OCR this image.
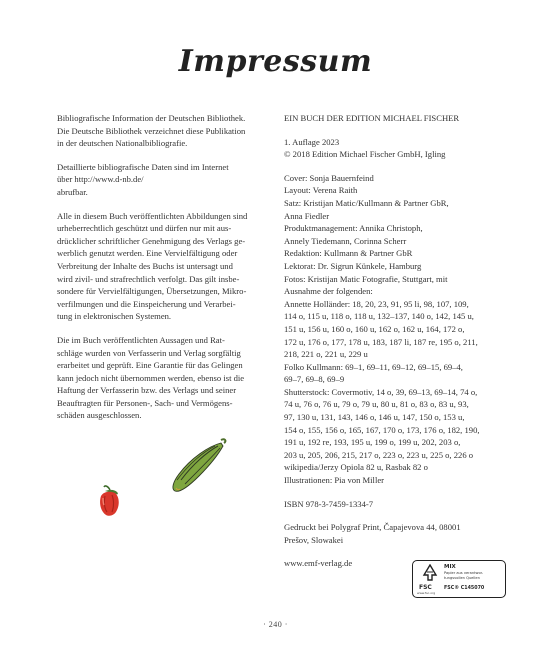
Impressum

Bibliografische Information der Deutschen Bibliothek.
Die Deutsche Bibliothek verzeichnet diese Publikation
in der deutschen Nationalbibliografie.

Detaillierte bibliografische Daten sind im Internet
über http://www.d-nb.de/
abrufbar.

Alle in diesem Buch veröffentlichten Abbildungen sind
urheberrechtlich geschützt und dürfen nur mit aus-
drücklicher schriftlicher Genehmigung des Verlags ge-
werblich genutzt werden. Eine Vervielfältigung oder
Verbreitung der Inhalte des Buchs ist untersagt und
wird zivil- und strafrechtlich verfolgt. Das gilt insbe-
sondere für Vervielfältigungen, Übersetzungen, Mikro-
verfilmungen und die Einspeicherung und Verarbei-
tung in elektronischen Systemen.

Die im Buch veröffentlichten Aussagen und Rat-
schläge wurden von Verfasserin und Verlag sorgfältig
erarbeitet und geprüft. Eine Garantie für das Gelingen
kann jedoch nicht übernommen werden, ebenso ist die
Haftung der Verfasserin bzw. des Verlags und seiner
Beauftragten für Personen-, Sach- und Vermögens-
schäden ausgeschlossen.

EIN BUCH DER EDITION MICHAEL FISCHER

1. Auflage 2023
© 2018 Edition Michael Fischer GmbH, Igling

Cover: Sonja Bauernfeind
Layout: Verena Raith
Satz: Kristijan Matic/Kullmann & Partner GbR,
Anna Fiedler
Produktmanagement: Annika Christoph,
Annely Tiedemann, Corinna Scherr
Redaktion: Kullmann & Partner GbR
Lektorat: Dr. Sigrun Künkele, Hamburg
Fotos: Kristijan Matic Fotografie, Stuttgart, mit
Ausnahme der folgenden:
Annette Holländer: 18, 20, 23, 91, 95 li, 98, 107, 109,
114 o, 115 u, 118 o, 118 u, 132–137, 140 o, 142, 145 u,
151 u, 156 u, 160 o, 160 u, 162 o, 162 u, 164, 172 o,
172 u, 176 o, 177, 178 u, 183, 187 li, 187 re, 195 o, 211,
218, 221 o, 221 u, 229 u
Folko Kullmann: 69–1, 69–11, 69–12, 69–15, 69–4,
69–7, 69–8, 69–9
Shutterstock: Covermotiv, 14 o, 39, 69–13, 69–14, 74 o,
74 u, 76 o, 76 u, 79 o, 79 u, 80 u, 81 o, 83 o, 83 u, 93,
97, 130 u, 131, 143, 146 o, 146 u, 147, 150 o, 153 u,
154 o, 155, 156 o, 165, 167, 170 o, 173, 176 o, 182, 190,
191 u, 192 re, 193, 195 u, 199 o, 199 u, 202, 203 o,
203 u, 205, 206, 215, 217 o, 223 o, 223 u, 225 o, 226 o
wikipedia/Jerzy Opiola 82 u, Rasbak 82 o
Illustrationen: Pia von Miller

ISBN 978-3-7459-1334-7

Gedruckt bei Polygraf Print, Čapajevova 44, 08001
Prešov, Slowakei

www.emf-verlag.de

FSC
www.fsc.org
MIX
Papier aus verantwor-
tungsvollen Quellen
FSC® C145070
· 240 ·
